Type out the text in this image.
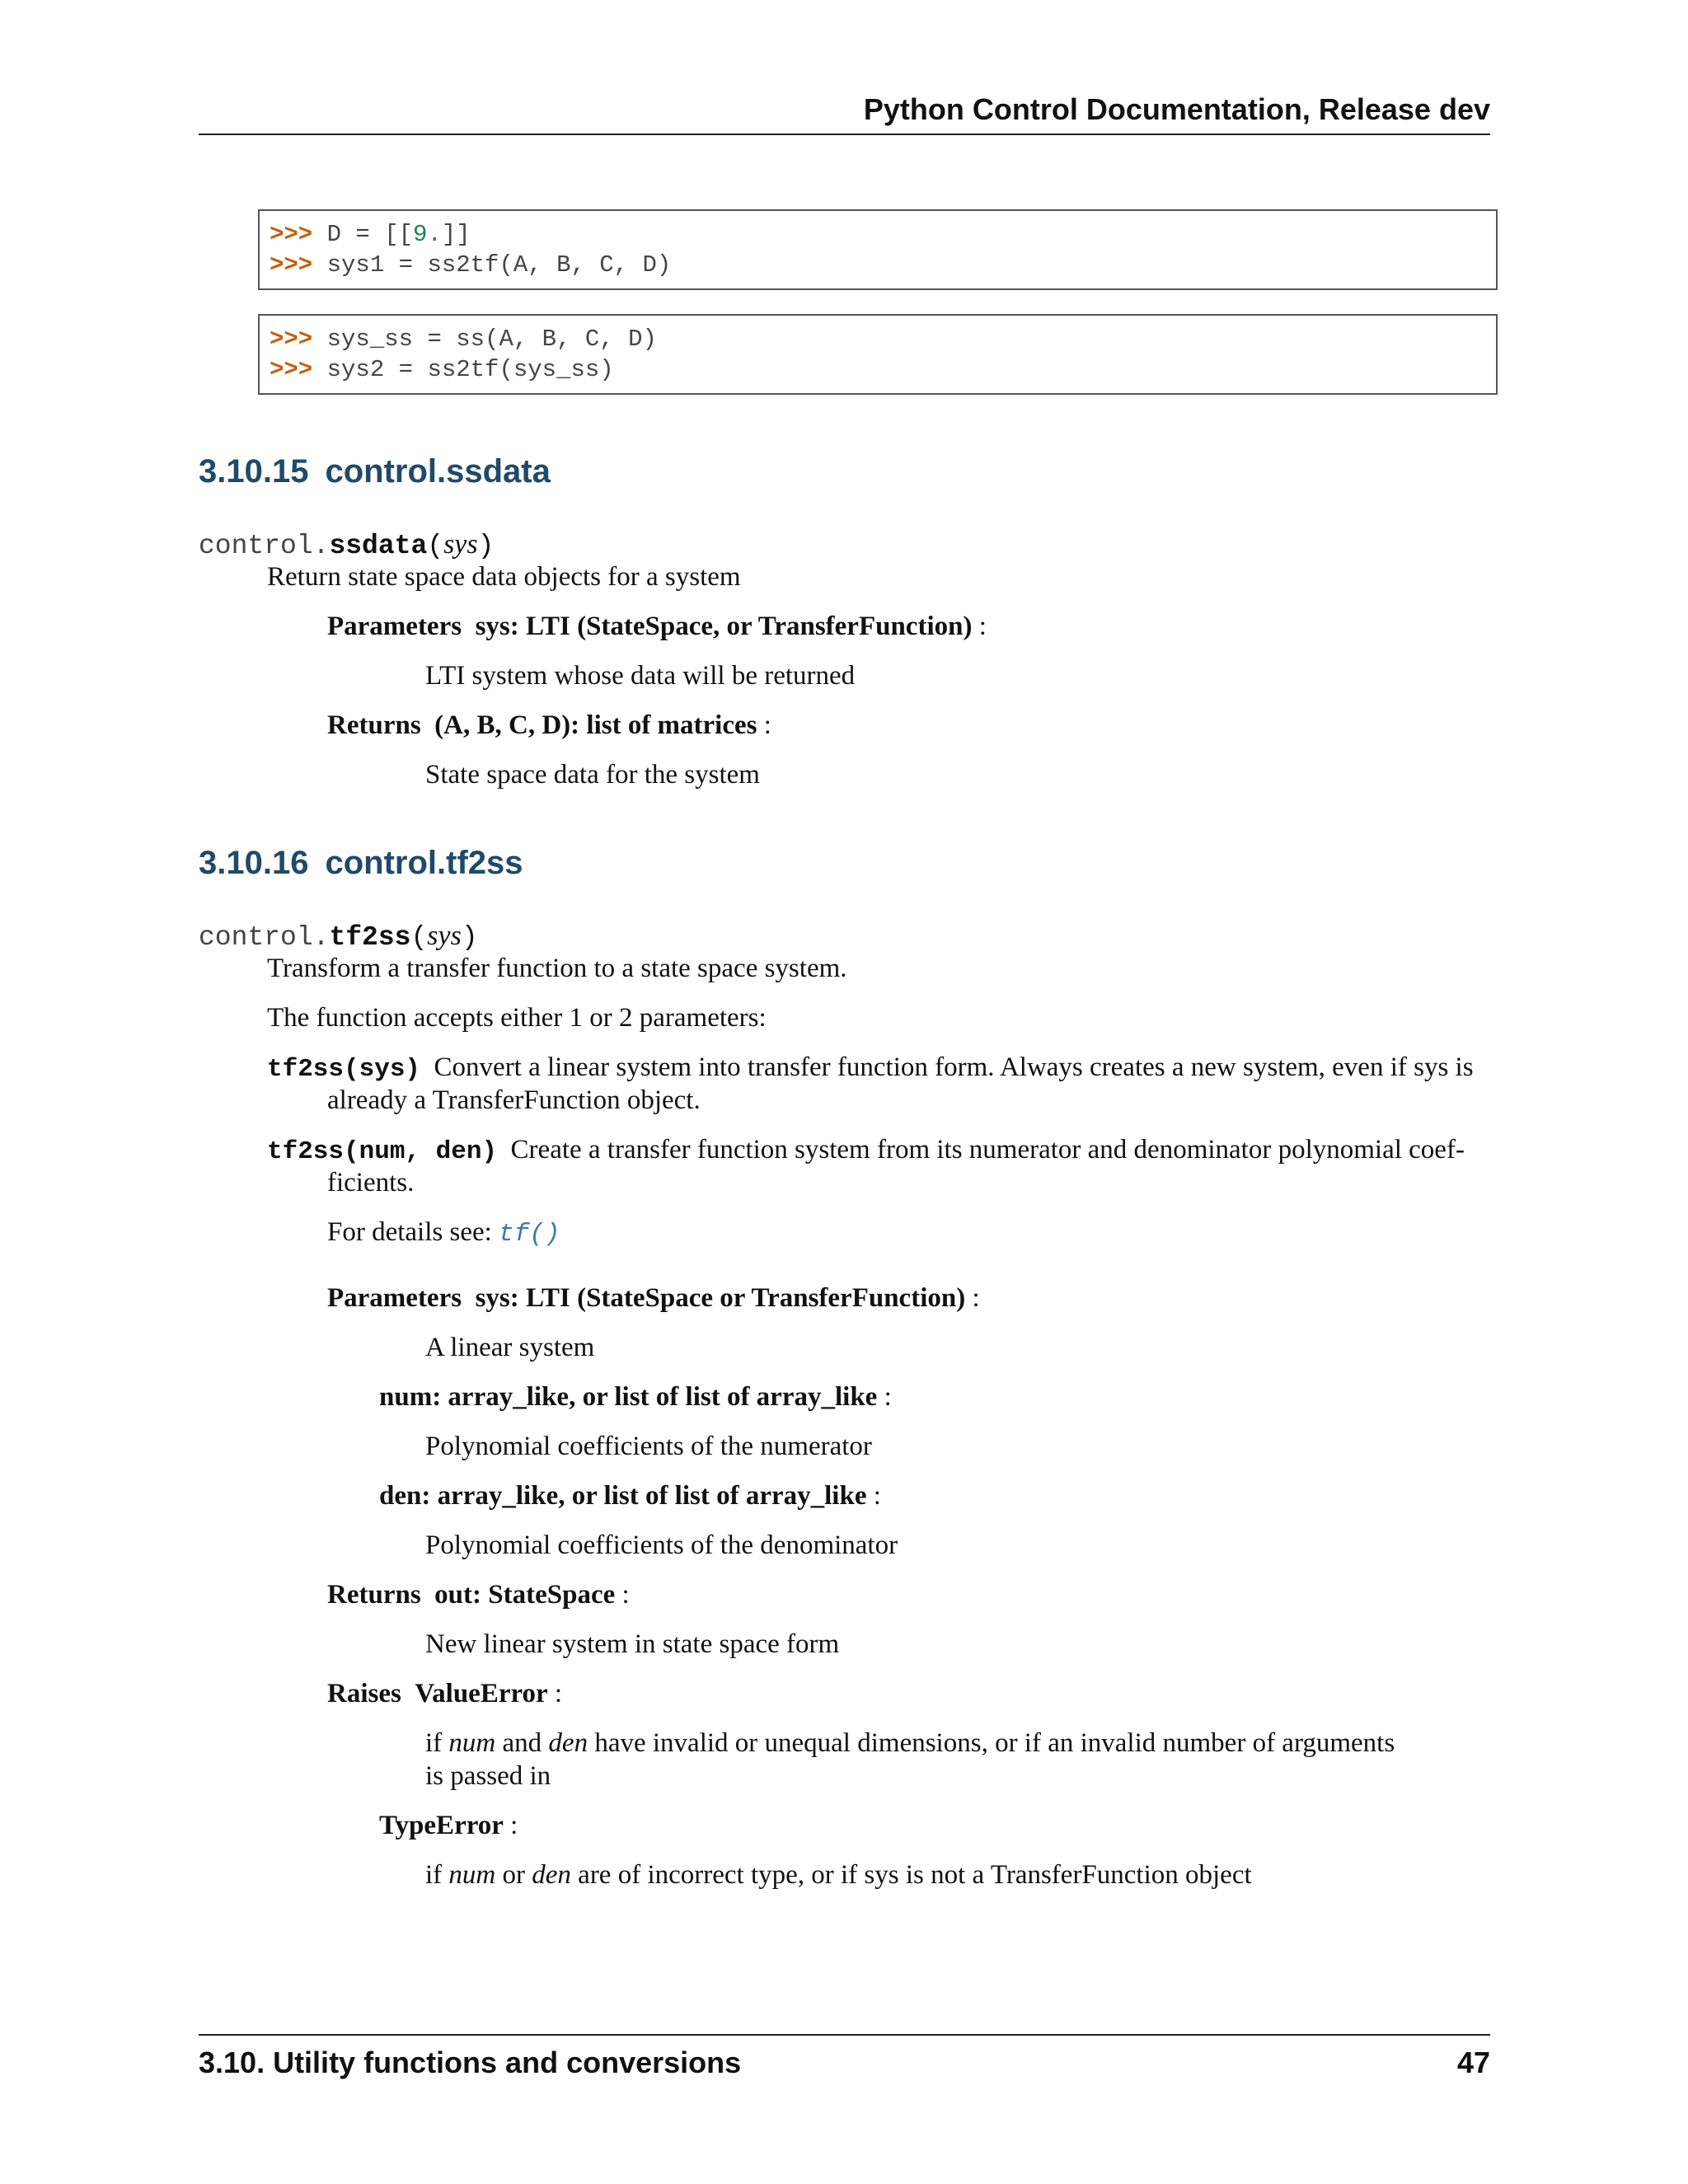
Python Control Documentation, Release dev
>>> D = [[9.]]
>>> sys1 = ss2tf(A, B, C, D)
>>> sys_ss = ss(A, B, C, D)
>>> sys2 = ss2tf(sys_ss)
3.10.15 control.ssdata
control.ssdata(sys)
Return state space data objects for a system
Parameters sys: LTI (StateSpace, or TransferFunction) :
LTI system whose data will be returned
Returns (A, B, C, D): list of matrices :
State space data for the system
3.10.16 control.tf2ss
control.tf2ss(sys)
Transform a transfer function to a state space system.
The function accepts either 1 or 2 parameters:
tf2ss(sys) Convert a linear system into transfer function form. Always creates a new system, even if sys is
already a TransferFunction object.
tf2ss(num, den) Create a transfer function system from its numerator and denominator polynomial coef-
ficients.
For details see: tf()
Parameters sys: LTI (StateSpace or TransferFunction) :
A linear system
num: array_like, or list of list of array_like :
Polynomial coefficients of the numerator
den: array_like, or list of list of array_like :
Polynomial coefficients of the denominator
Returns out: StateSpace :
New linear system in state space form
Raises ValueError :
if num and den have invalid or unequal dimensions, or if an invalid number of arguments
is passed in
TypeError :
if num or den are of incorrect type, or if sys is not a TransferFunction object
3.10. Utility functions and conversions	47
